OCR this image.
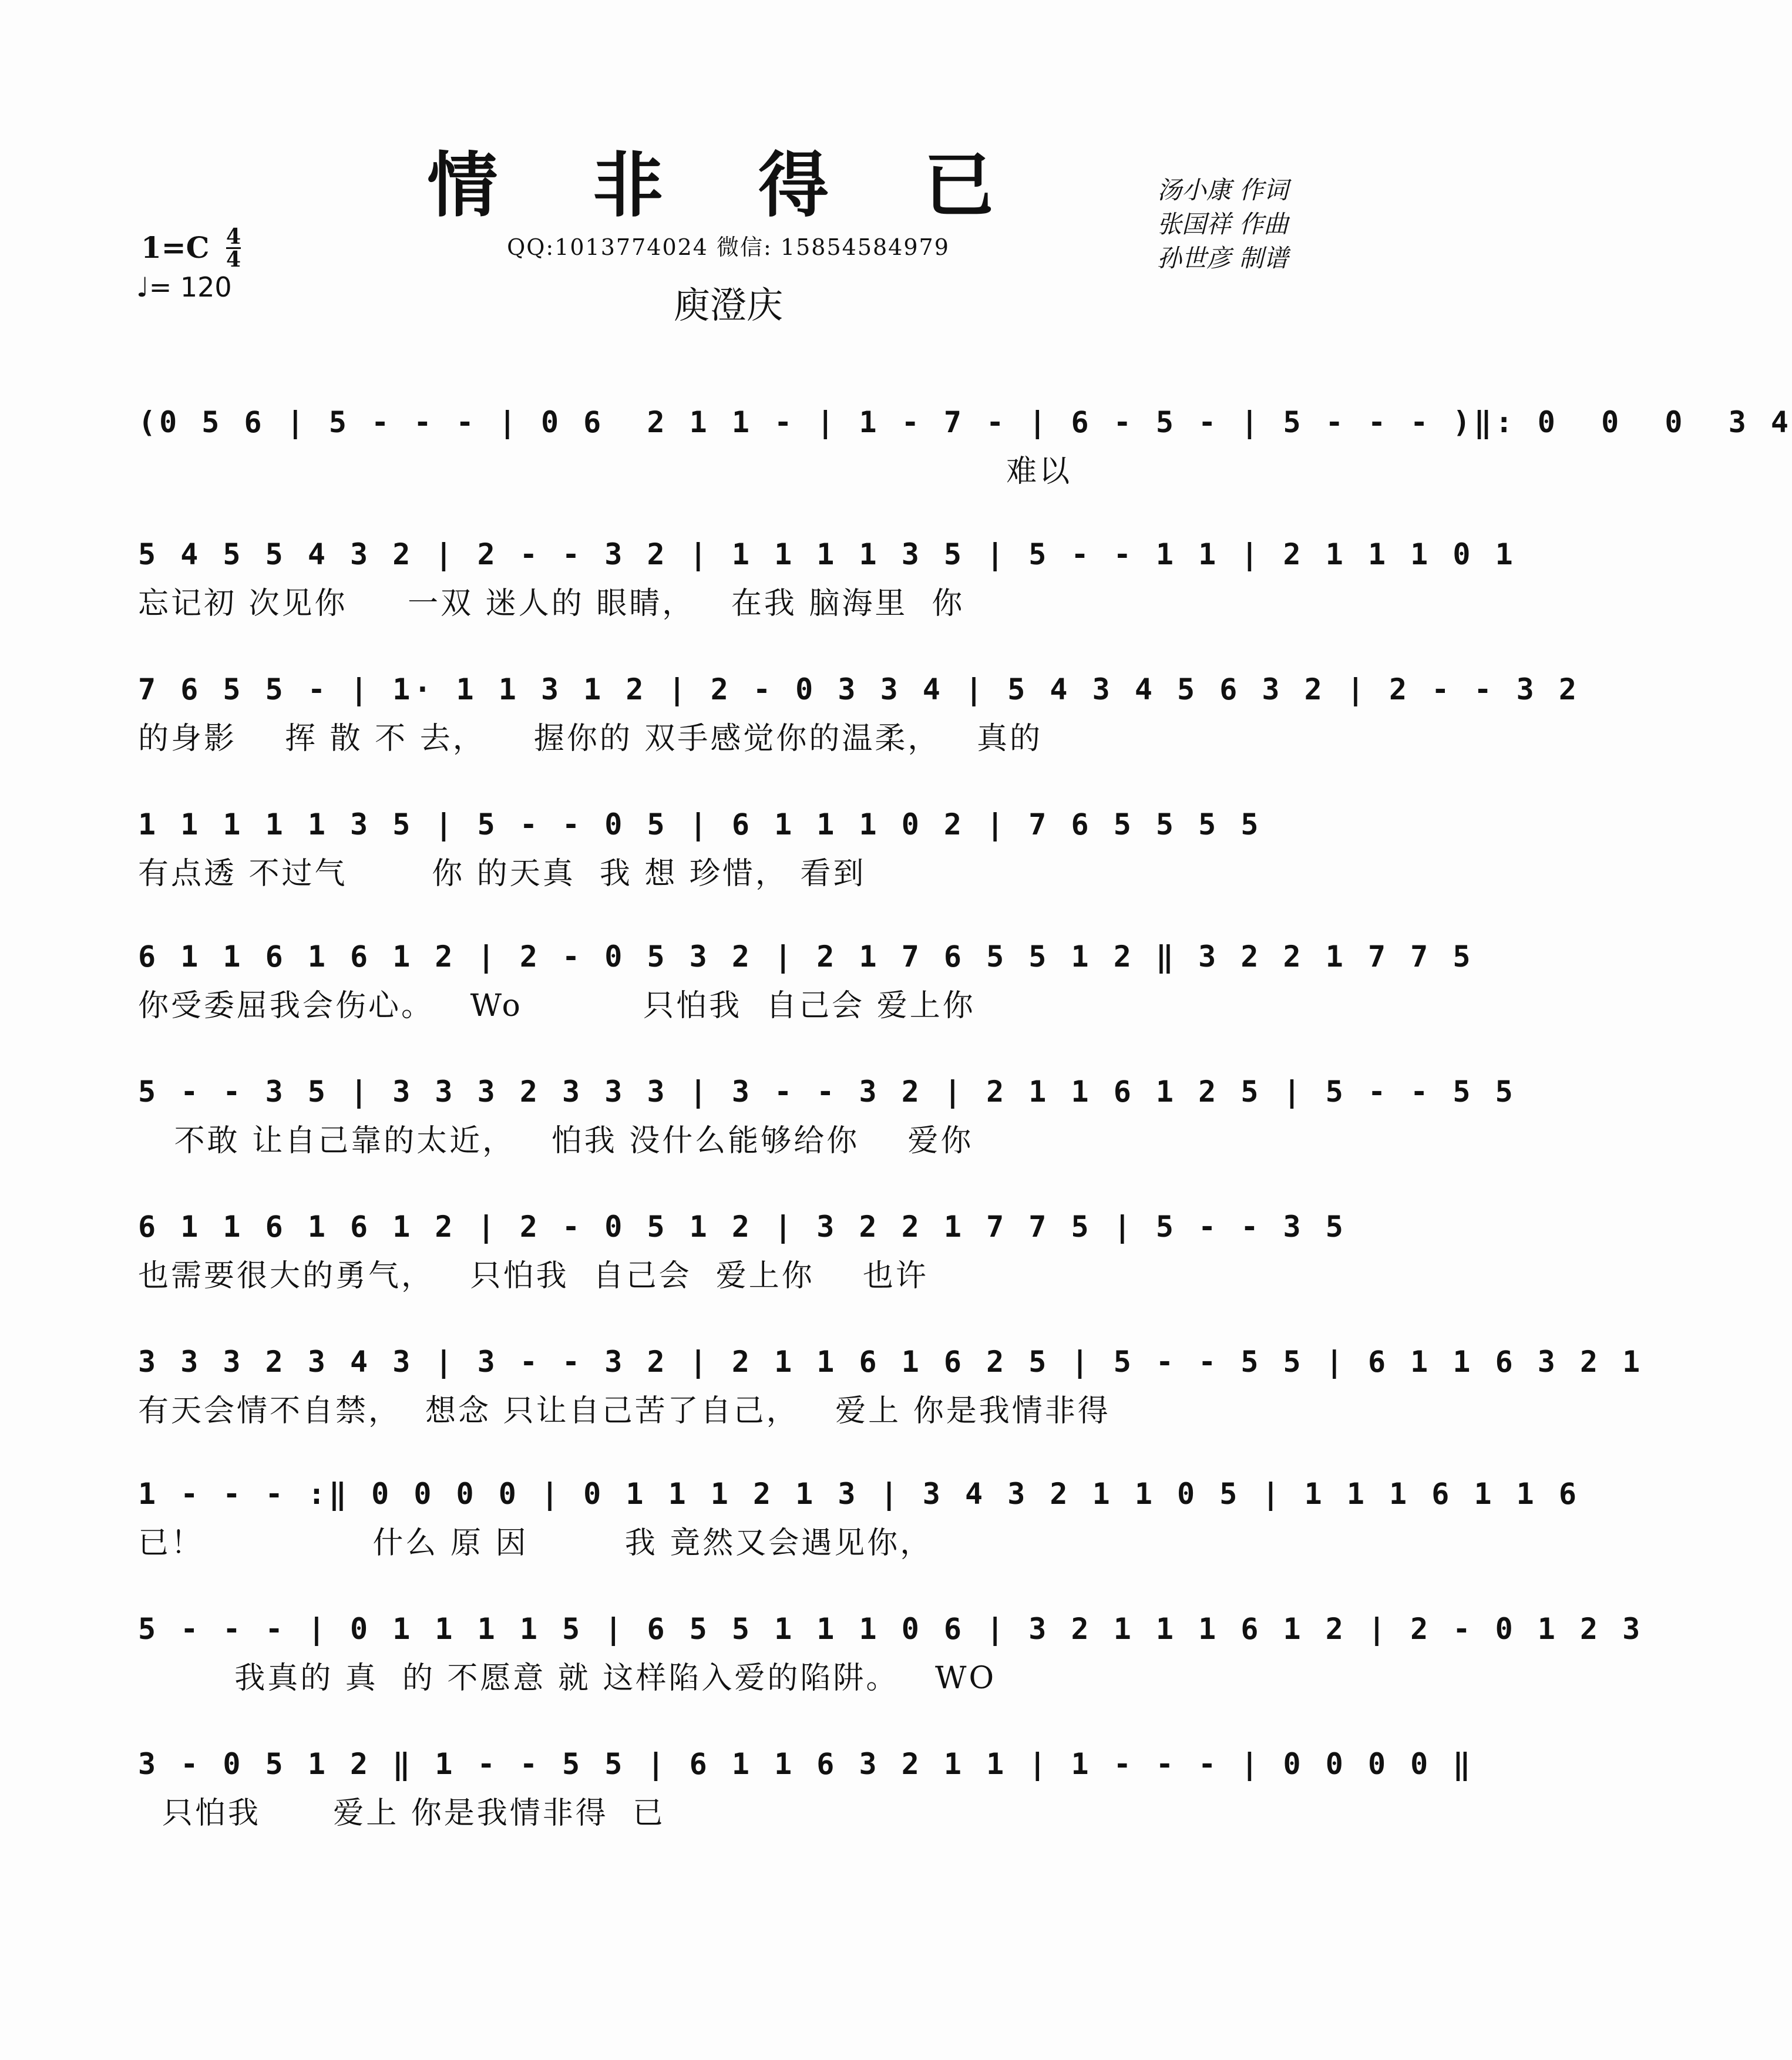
情 非 得 已
$1=C \frac{4}{4}$
♩= 120
QQ:1013774024 微信: 15854584979
庾澄庆
汤小康 作词
张国祥 作曲
孙世彦 制谱
(0 5 6 | 5 - - - | 0 6  2 1 1 - | 1 - 7 - | 6 - 5 - | 5 - - - )‖: 0  0  0  3 4
难以
5 4 5 5 4 3 2 | 2 - - 3 2 | 1 1 1 1 3 5 | 5 - - 1 1 | 2 1 1 1 0 1
忘记初 次见你     一双 迷人的 眼睛，   在我 脑海里  你
7 6 5 5 - | 1· 1 1 3 1 2 | 2 - 0 3 3 4 | 5 4 3 4 5 6 3 2 | 2 - - 3 2
的身影    挥 散 不 去，    握你的 双手感觉你的温柔，   真的
1 1 1 1 1 3 5 | 5 - - 0 5 | 6 1 1 1 0 2 | 7 6 5 5 5 5
有点透 不过气       你 的天真  我 想 珍惜， 看到
6 1 1 6 1 6 1 2 | 2 - 0 5 3 2 | 2 1 7 6 5 5 1 2 ‖ 3 2 2 1 7 7 5
你受委屈我会伤心。   Wo          只怕我  自己会 爱上你
5 - - 3 5 | 3 3 3 2 3 3 3 | 3 - - 3 2 | 2 1 1 6 1 2 5 | 5 - - 5 5
不敢 让自己靠的太近，   怕我 没什么能够给你    爱你
6 1 1 6 1 6 1 2 | 2 - 0 5 1 2 | 3 2 2 1 7 7 5 | 5 - - 3 5
也需要很大的勇气，   只怕我  自己会  爱上你    也许
3 3 3 2 3 4 3 | 3 - - 3 2 | 2 1 1 6 1 6 2 5 | 5 - - 5 5 | 6 1 1 6 3 2 1
有天会情不自禁，  想念 只让自己苦了自己，   爱上 你是我情非得
1 - - - :‖ 0 0 0 0 | 0 1 1 1 2 1 3 | 3 4 3 2 1 1 0 5 | 1 1 1 6 1 1 6
已！              什么 原 因        我 竟然又会遇见你，
5 - - - | 0 1 1 1 1 5 | 6 5 5 1 1 1 0 6 | 3 2 1 1 1 6 1 2 | 2 - 0 1 2 3
我真的 真  的 不愿意 就 这样陷入爱的陷阱。   WO
3 - 0 5 1 2 ‖ 1 - - 5 5 | 6 1 1 6 3 2 1 1 | 1 - - - | 0 0 0 0 ‖
只怕我      爱上 你是我情非得  已
